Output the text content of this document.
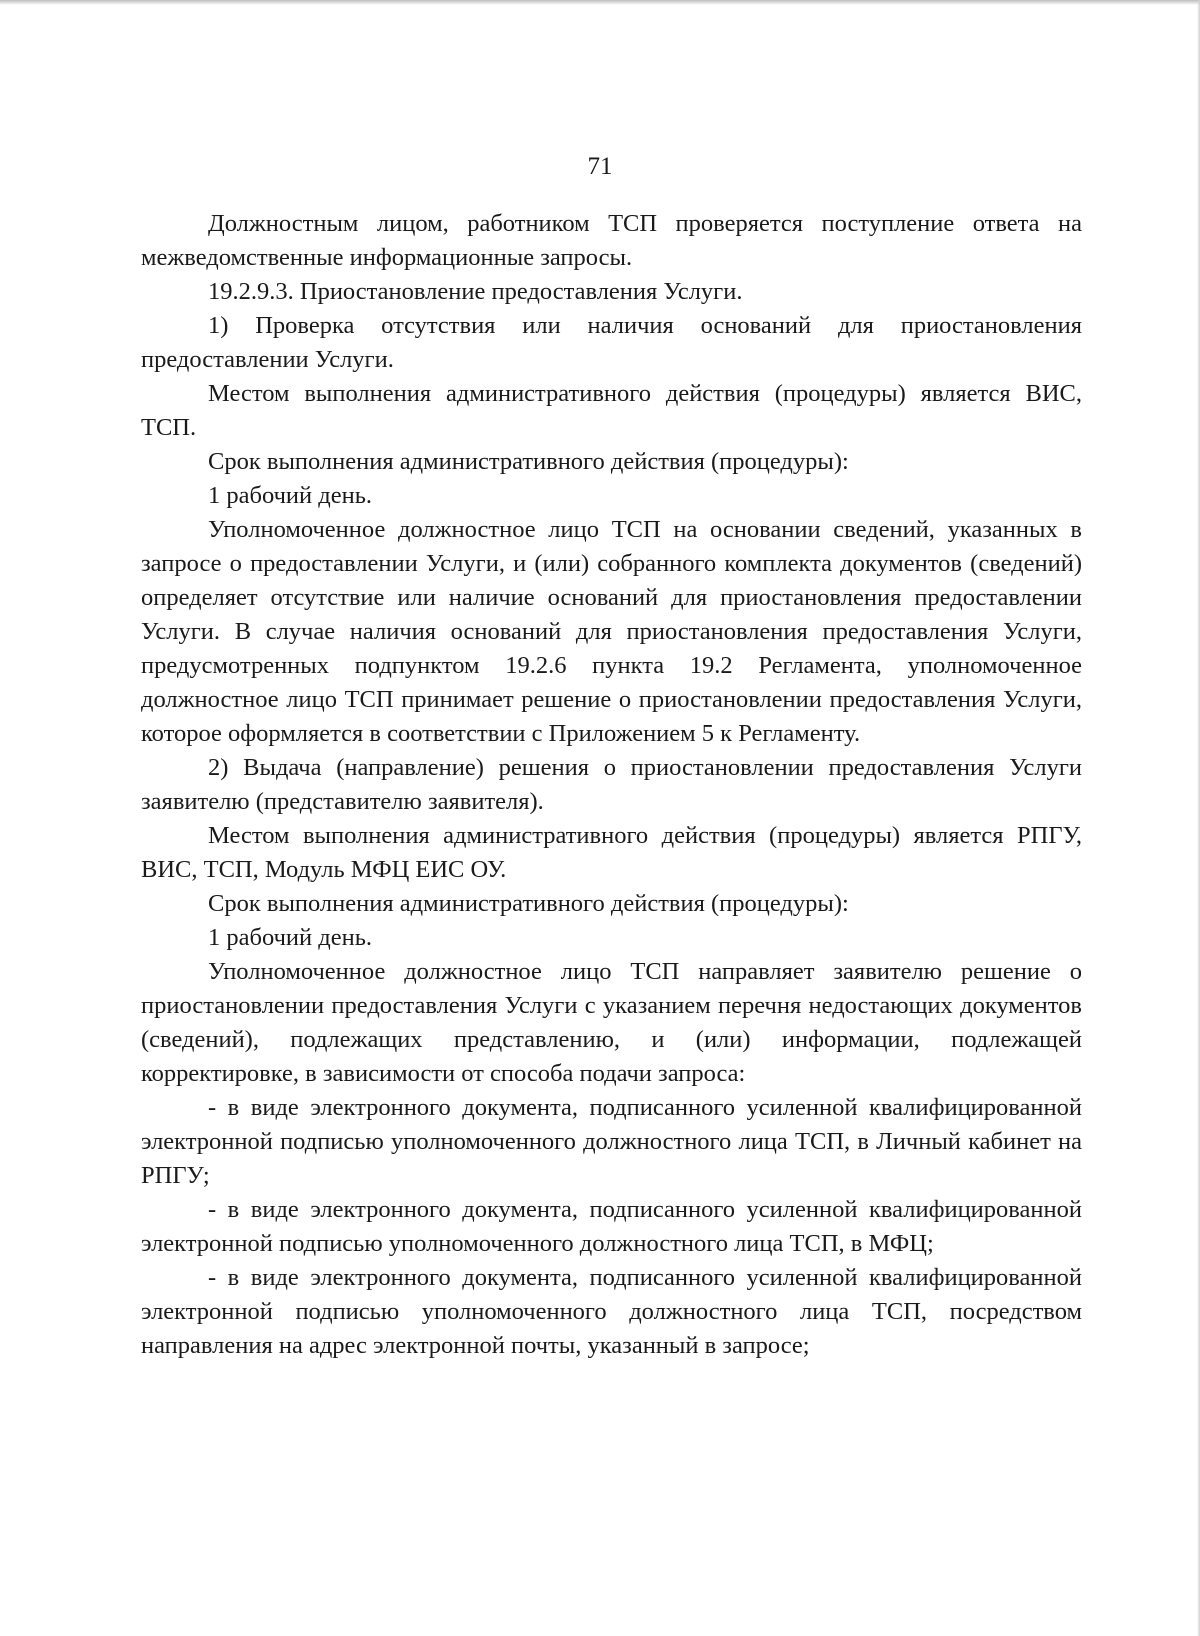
71

Должностным лицом, работником ТСП проверяется поступление ответа на межведомственные информационные запросы.

19.2.9.3. Приостановление предоставления Услуги.

1) Проверка отсутствия или наличия оснований для приостановления предоставлении Услуги.

Местом выполнения административного действия (процедуры) является ВИС, ТСП.

Срок выполнения административного действия (процедуры):

1 рабочий день.

Уполномоченное должностное лицо ТСП на основании сведений, указанных в запросе о предоставлении Услуги, и (или) собранного комплекта документов (сведений) определяет отсутствие или наличие оснований для приостановления предоставлении Услуги. В случае наличия оснований для приостановления предоставления Услуги, предусмотренных подпунктом 19.2.6 пункта 19.2 Регламента, уполномоченное должностное лицо ТСП принимает решение о приостановлении предоставления Услуги, которое оформляется в соответствии с Приложением 5 к Регламенту.

2) Выдача (направление) решения о приостановлении предоставления Услуги заявителю (представителю заявителя).

Местом выполнения административного действия (процедуры) является РПГУ, ВИС, ТСП, Модуль МФЦ ЕИС ОУ.

Срок выполнения административного действия (процедуры):

1 рабочий день.

Уполномоченное должностное лицо ТСП направляет заявителю решение о приостановлении предоставления Услуги с указанием перечня недостающих документов (сведений), подлежащих представлению, и (или) информации, подлежащей корректировке, в зависимости от способа подачи запроса:

- в виде электронного документа, подписанного усиленной квалифицированной электронной подписью уполномоченного должностного лица ТСП, в Личный кабинет на РПГУ;

- в виде электронного документа, подписанного усиленной квалифицированной электронной подписью уполномоченного должностного лица ТСП, в МФЦ;

- в виде электронного документа, подписанного усиленной квалифицированной электронной подписью уполномоченного должностного лица ТСП, посредством направления на адрес электронной почты, указанный в запросе;
